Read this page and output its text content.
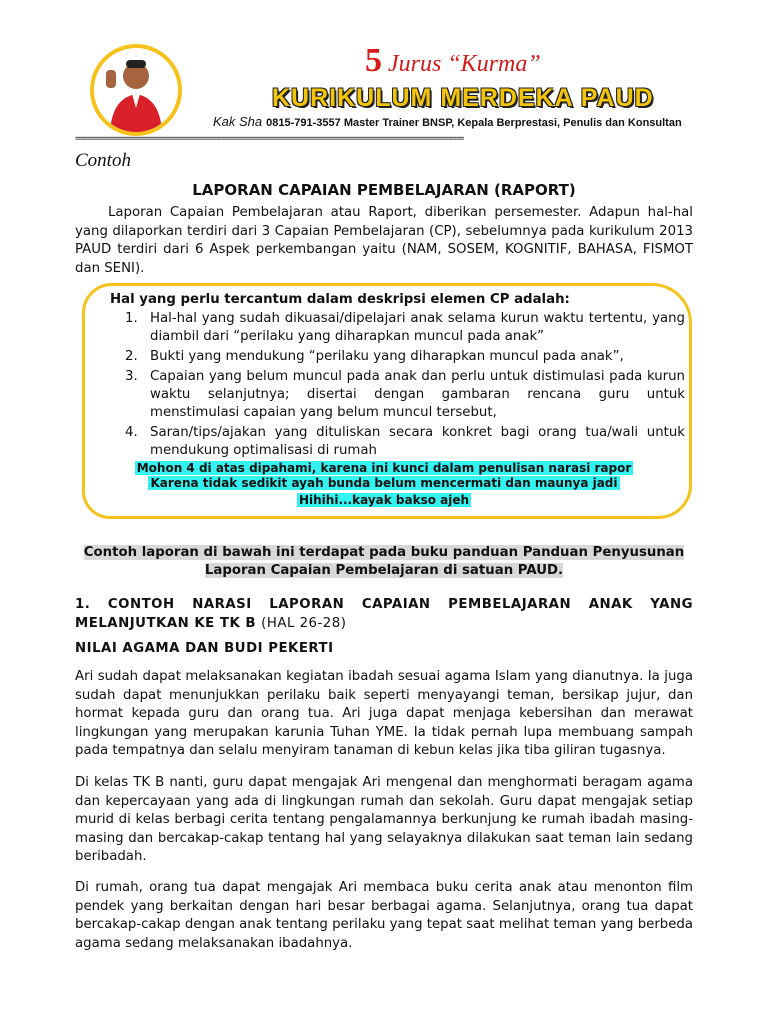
5 Jurus “Kurma”
KURIKULUM MERDEKA PAUD
Kak Sha 0815-791-3557 Master Trainer BNSP, Kepala Berprestasi, Penulis dan Konsultan
============================================================================================
Contoh
LAPORAN CAPAIAN PEMBELAJARAN (RAPORT)
Laporan Capaian Pembelajaran atau Raport, diberikan persemester. Adapun hal-hal yang dilaporkan terdiri dari 3 Capaian Pembelajaran (CP), sebelumnya pada kurikulum 2013 PAUD terdiri dari 6 Aspek perkembangan yaitu (NAM, SOSEM, KOGNITIF, BAHASA, FISMOT dan SENI).
Hal yang perlu tercantum dalam deskripsi elemen CP adalah:
1. Hal-hal yang sudah dikuasai/dipelajari anak selama kurun waktu tertentu, yang diambil dari “perilaku yang diharapkan muncul pada anak”
2. Bukti yang mendukung “perilaku yang diharapkan muncul pada anak”,
3. Capaian yang belum muncul pada anak dan perlu untuk distimulasi pada kurun waktu selanjutnya; disertai dengan gambaran rencana guru untuk menstimulasi capaian yang belum muncul tersebut,
4. Saran/tips/ajakan yang dituliskan secara konkret bagi orang tua/wali untuk mendukung optimalisasi di rumah
Mohon 4 di atas dipahami, karena ini kunci dalam penulisan narasi rapor
Karena tidak sedikit ayah bunda belum mencermati dan maunya jadi
Hihihi...kayak bakso ajeh
Contoh laporan di bawah ini terdapat pada buku panduan Panduan Penyusunan
Laporan Capaian Pembelajaran di satuan PAUD.
1. CONTOH NARASI LAPORAN CAPAIAN PEMBELAJARAN ANAK YANG MELANJUTKAN KE TK B (HAL 26-28)
NILAI AGAMA DAN BUDI PEKERTI
Ari sudah dapat melaksanakan kegiatan ibadah sesuai agama Islam yang dianutnya. Ia juga sudah dapat menunjukkan perilaku baik seperti menyayangi teman, bersikap jujur, dan hormat kepada guru dan orang tua. Ari juga dapat menjaga kebersihan dan merawat lingkungan yang merupakan karunia Tuhan YME. Ia tidak pernah lupa membuang sampah pada tempatnya dan selalu menyiram tanaman di kebun kelas jika tiba giliran tugasnya.
Di kelas TK B nanti, guru dapat mengajak Ari mengenal dan menghormati beragam agama dan kepercayaan yang ada di lingkungan rumah dan sekolah. Guru dapat mengajak setiap murid di kelas berbagi cerita tentang pengalamannya berkunjung ke rumah ibadah masing-masing dan bercakap-cakap tentang hal yang selayaknya dilakukan saat teman lain sedang beribadah.
Di rumah, orang tua dapat mengajak Ari membaca buku cerita anak atau menonton film pendek yang berkaitan dengan hari besar berbagai agama. Selanjutnya, orang tua dapat bercakap-cakap dengan anak tentang perilaku yang tepat saat melihat teman yang berbeda agama sedang melaksanakan ibadahnya.
